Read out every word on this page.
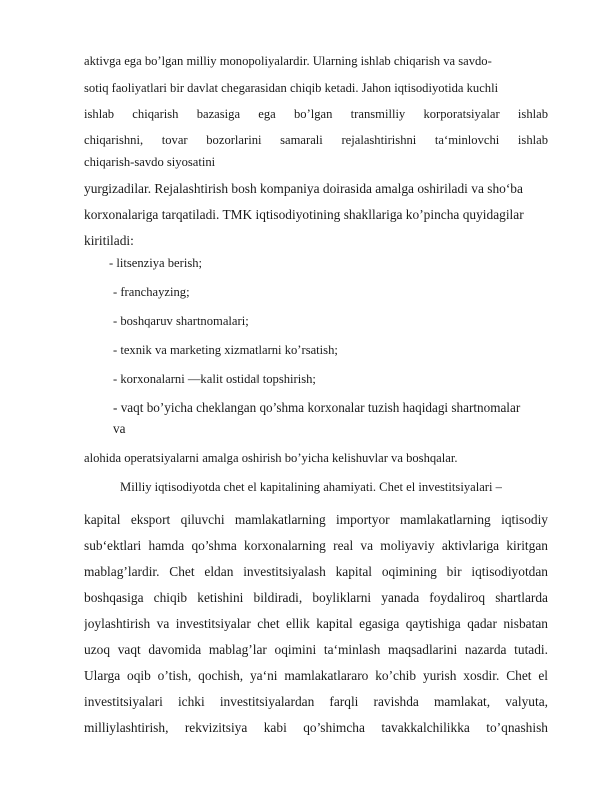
aktivga ega bo’lgan milliy monopoliyalardir. Ularning ishlab chiqarish va savdo-

sotiq faoliyatlari bir davlat chegarasidan chiqib ketadi. Jahon iqtisodiyotida kuchli

ishlab chiqarish bazasiga ega bo’lgan transmilliy korporatsiyalar ishlab

chiqarishni, tovar bozorlarini samarali rejalashtirishni ta‘minlovchi ishlab

chiqarish-savdo siyosatini

yurgizadilar. Rejalashtirish bosh kompaniya doirasida amalga oshiriladi va sho‘ba

korxonalariga tarqatiladi. TMK iqtisodiyotining shakllariga ko’pincha quyidagilar

kiritiladi:

- litsenziya berish;

- franchayzing;

- boshqaruv shartnomalari;

- texnik va marketing xizmatlarni ko’rsatish;

- korxonalarni ―kalit ostida‖ topshirish;

- vaqt bo’yicha cheklangan qo’shma korxonalar tuzish haqidagi shartnomalar

va

alohida operatsiyalarni amalga oshirish bo’yicha kelishuvlar va boshqalar.

Milliy iqtisodiyotda chet el kapitalining ahamiyati. Chet el investitsiyalari –

kapital eksport qiluvchi mamlakatlarning importyor mamlakatlarning iqtisodiy

sub‘ektlari hamda qo’shma korxonalarning real va moliyaviy aktivlariga kiritgan

mablag’lardir. Chet eldan investitsiyalash kapital oqimining bir iqtisodiyotdan

boshqasiga chiqib ketishini bildiradi, boyliklarni yanada foydaliroq shartlarda

joylashtirish va investitsiyalar chet ellik kapital egasiga qaytishiga qadar nisbatan

uzoq vaqt davomida mablag’lar oqimini ta‘minlash maqsadlarini nazarda tutadi.

Ularga oqib o’tish, qochish, ya‘ni mamlakatlararo ko’chib yurish xosdir. Chet el

investitsiyalari ichki investitsiyalardan farqli ravishda mamlakat, valyuta,

milliylashtirish, rekvizitsiya kabi qo’shimcha tavakkalchilikka to’qnashish
